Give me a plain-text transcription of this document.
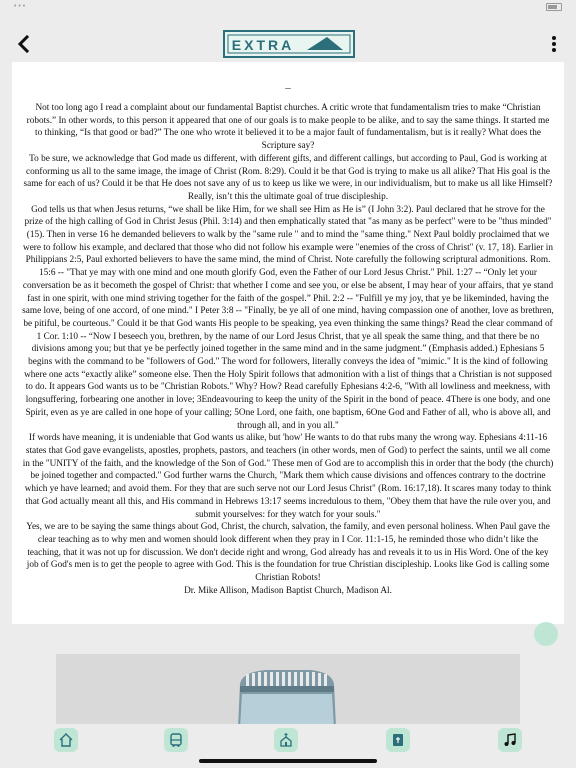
• • •
EXTRA
–

Not too long ago I read a complaint about our fundamental Baptist churches. A critic wrote that fundamentalism tries to make “Christian robots.” In other words, to this person it appeared that one of our goals is to make people to be alike, and to say the same things. It started me to thinking, “Is that good or bad?” The one who wrote it believed it to be a major fault of fundamentalism, but is it really? What does the Scripture say?

To be sure, we acknowledge that God made us different, with different gifts, and different callings, but according to Paul, God is working at conforming us all to the same image, the image of Christ (Rom. 8:29). Could it be that God is trying to make us all alike? That His goal is the same for each of us? Could it be that He does not save any of us to keep us like we were, in our individualism, but to make us all like Himself? Really, isn’t this the ultimate goal of true discipleship.

God tells us that when Jesus returns, “we shall be like Him, for we shall see Him as He is” (I John 3:2). Paul declared that he strove for the prize of the high calling of God in Christ Jesus (Phil. 3:14) and then emphatically stated that "as many as be perfect" were to be "thus minded" (15). Then in verse 16 he demanded believers to walk by the "same rule " and to mind the "same thing." Next Paul boldly proclaimed that we were to follow his example, and declared that those who did not follow his example were "enemies of the cross of Christ" (v. 17, 18). Earlier in Philippians 2:5, Paul exhorted believers to have the same mind, the mind of Christ. Note carefully the following scriptural admonitions. Rom. 15:6 -- "That ye may with one mind and one mouth glorify God, even the Father of our Lord Jesus Christ." Phil. 1:27 -- “Only let your conversation be as it becometh the gospel of Christ: that whether I come and see you, or else be absent, I may hear of your affairs, that ye stand fast in one spirit, with one mind striving together for the faith of the gospel.” Phil. 2:2 -- "Fulfill ye my joy, that ye be likeminded, having the same love, being of one accord, of one mind." I Peter 3:8 -- "Finally, be ye all of one mind, having compassion one of another, love as brethren, be pitiful, be courteous." Could it be that God wants His people to be speaking, yea even thinking the same things? Read the clear command of 1 Cor. 1:10 -- “Now I beseech you, brethren, by the name of our Lord Jesus Christ, that ye all speak the same thing, and that there be no divisions among you; but that ye be perfectly joined together in the same mind and in the same judgment.” (Emphasis added.) Ephesians 5 begins with the command to be "followers of God." The word for followers, literally conveys the idea of "mimic." It is the kind of following where one acts “exactly alike” someone else. Then the Holy Spirit follows that admonition with a list of things that a Christian is not supposed to do. It appears God wants us to be "Christian Robots." Why? How? Read carefully Ephesians 4:2-6, "With all lowliness and meekness, with longsuffering, forbearing one another in love; 3Endeavouring to keep the unity of the Spirit in the bond of peace. 4There is one body, and one Spirit, even as ye are called in one hope of your calling; 5One Lord, one faith, one baptism, 6One God and Father of all, who is above all, and through all, and in you all."

If words have meaning, it is undeniable that God wants us alike, but 'how' He wants to do that rubs many the wrong way. Ephesians 4:11-16 states that God gave evangelists, apostles, prophets, pastors, and teachers (in other words, men of God) to perfect the saints, until we all come in the "UNITY of the faith, and the knowledge of the Son of God." These men of God are to accomplish this in order that the body (the church) be joined together and compacted." God further warns the Church, "Mark them which cause divisions and offences contrary to the doctrine which ye have learned; and avoid them. For they that are such serve not our Lord Jesus Christ" (Rom. 16:17,18). It scares many today to think that God actually meant all this, and His command in Hebrews 13:17 seems incredulous to them, "Obey them that have the rule over you, and submit yourselves: for they watch for your souls."

Yes, we are to be saying the same things about God, Christ, the church, salvation, the family, and even personal holiness. When Paul gave the clear teaching as to why men and women should look different when they pray in I Cor. 11:1-15, he reminded those who didn’t like the teaching, that it was not up for discussion. We don't decide right and wrong, God already has and reveals it to us in His Word. One of the key job of God's men is to get the people to agree with God. This is the foundation for true Christian discipleship. Looks like God is calling some Christian Robots!

Dr. Mike Allison, Madison Baptist Church, Madison Al.
